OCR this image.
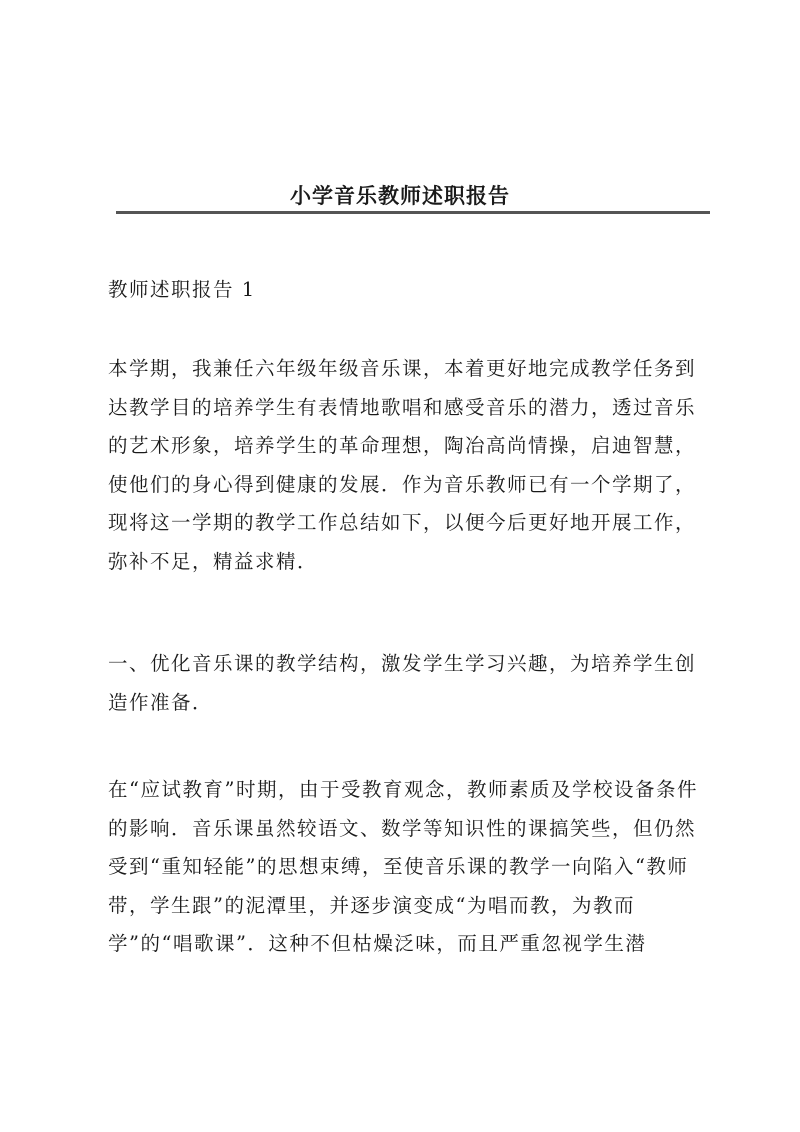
小学音乐教师述职报告

教师述职报告 1

本学期，我兼任六年级年级音乐课，本着更好地完成教学任务到达教学目的培养学生有表情地歌唱和感受音乐的潜力，透过音乐的艺术形象，培养学生的革命理想，陶冶高尚情操，启迪智慧，使他们的身心得到健康的发展．作为音乐教师已有一个学期了，现将这一学期的教学工作总结如下，以便今后更好地开展工作，弥补不足，精益求精．

一、优化音乐课的教学结构，激发学生学习兴趣，为培养学生创造作准备．

在“应试教育”时期，由于受教育观念，教师素质及学校设备条件的影响．音乐课虽然较语文、数学等知识性的课搞笑些，但仍然受到“重知轻能”的思想束缚，至使音乐课的教学一向陷入“教师带，学生跟”的泥潭里，并逐步演变成“为唱而教，为教而学”的“唱歌课”．这种不但枯燥泛味，而且严重忽视学生潜
